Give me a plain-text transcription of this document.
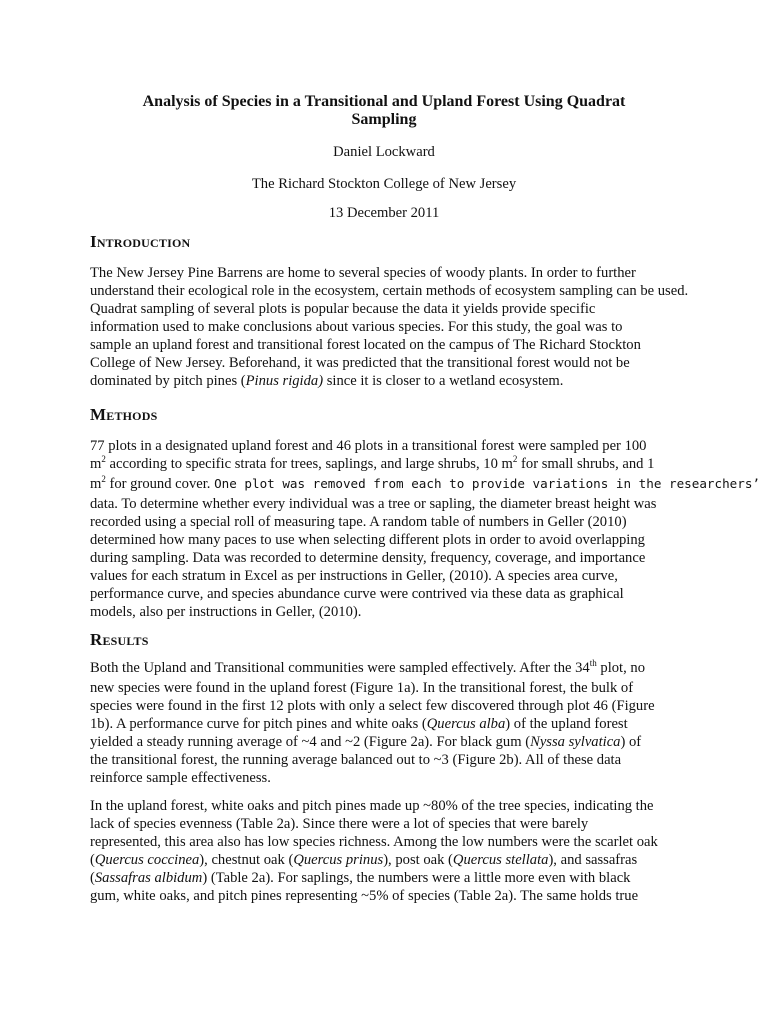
Analysis of Species in a Transitional and Upland Forest Using Quadrat
Sampling
Daniel Lockward
The Richard Stockton College of New Jersey
13 December 2011
Introduction
The New Jersey Pine Barrens are home to several species of woody plants. In order to further
understand their ecological role in the ecosystem, certain methods of ecosystem sampling can be used.
Quadrat sampling of several plots is popular because the data it yields provide specific
information used to make conclusions about various species. For this study, the goal was to
sample an upland forest and transitional forest located on the campus of The Richard Stockton
College of New Jersey. Beforehand, it was predicted that the transitional forest would not be
dominated by pitch pines (Pinus rigida) since it is closer to a wetland ecosystem.
Methods
77 plots in a designated upland forest and 46 plots in a transitional forest were sampled per 100
$m^2$ according to specific strata for trees, saplings, and large shrubs, 10 $m^2$ for small shrubs, and 1
$m^2$ for ground cover. One plot was removed from each to provide variations in the researchers’
data. To determine whether every individual was a tree or sapling, the diameter breast height was
recorded using a special roll of measuring tape. A random table of numbers in Geller (2010)
determined how many paces to use when selecting different plots in order to avoid overlapping
during sampling. Data was recorded to determine density, frequency, coverage, and importance
values for each stratum in Excel as per instructions in Geller, (2010). A species area curve,
performance curve, and species abundance curve were contrived via these data as graphical
models, also per instructions in Geller, (2010).
Results
Both the Upland and Transitional communities were sampled effectively. After the 34th plot, no
new species were found in the upland forest (Figure 1a). In the transitional forest, the bulk of
species were found in the first 12 plots with only a select few discovered through plot 46 (Figure
1b). A performance curve for pitch pines and white oaks (Quercus alba) of the upland forest
yielded a steady running average of ~4 and ~2 (Figure 2a). For black gum (Nyssa sylvatica) of
the transitional forest, the running average balanced out to ~3 (Figure 2b). All of these data
reinforce sample effectiveness.
In the upland forest, white oaks and pitch pines made up ~80% of the tree species, indicating the
lack of species evenness (Table 2a). Since there were a lot of species that were barely
represented, this area also has low species richness. Among the low numbers were the scarlet oak
(Quercus coccinea), chestnut oak (Quercus prinus), post oak (Quercus stellata), and sassafras
(Sassafras albidum) (Table 2a). For saplings, the numbers were a little more even with black
gum, white oaks, and pitch pines representing ~5% of species (Table 2a). The same holds true
